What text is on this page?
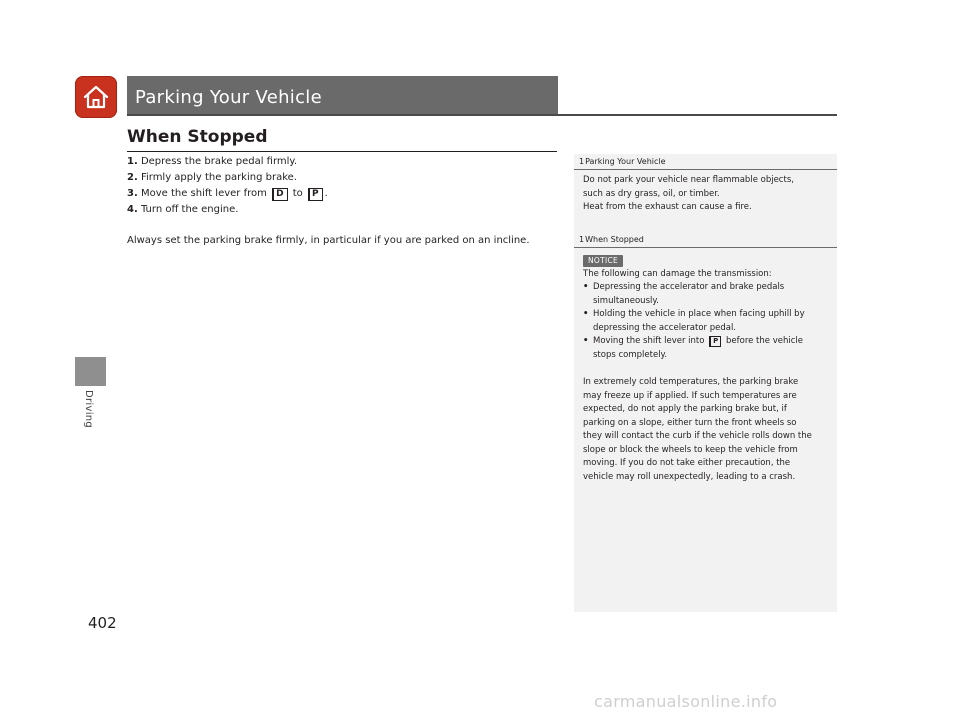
Parking Your Vehicle
Driving
When Stopped
1. Depress the brake pedal firmly.
2. Firmly apply the parking brake.
3. Move the shift lever from D to P .
4. Turn off the engine.
Always set the parking brake firmly, in particular if you are parked on an incline.
1Parking Your Vehicle
Do not park your vehicle near flammable objects,
such as dry grass, oil, or timber.
Heat from the exhaust can cause a fire.
1When Stopped
NOTICE
The following can damage the transmission:
• Depressing the accelerator and brake pedals
simultaneously.
• Holding the vehicle in place when facing uphill by
depressing the accelerator pedal.
• Moving the shift lever into P before the vehicle
stops completely.
In extremely cold temperatures, the parking brake
may freeze up if applied. If such temperatures are
expected, do not apply the parking brake but, if
parking on a slope, either turn the front wheels so
they will contact the curb if the vehicle rolls down the
slope or block the wheels to keep the vehicle from
moving. If you do not take either precaution, the
vehicle may roll unexpectedly, leading to a crash.
402
carmanualsonline.info
